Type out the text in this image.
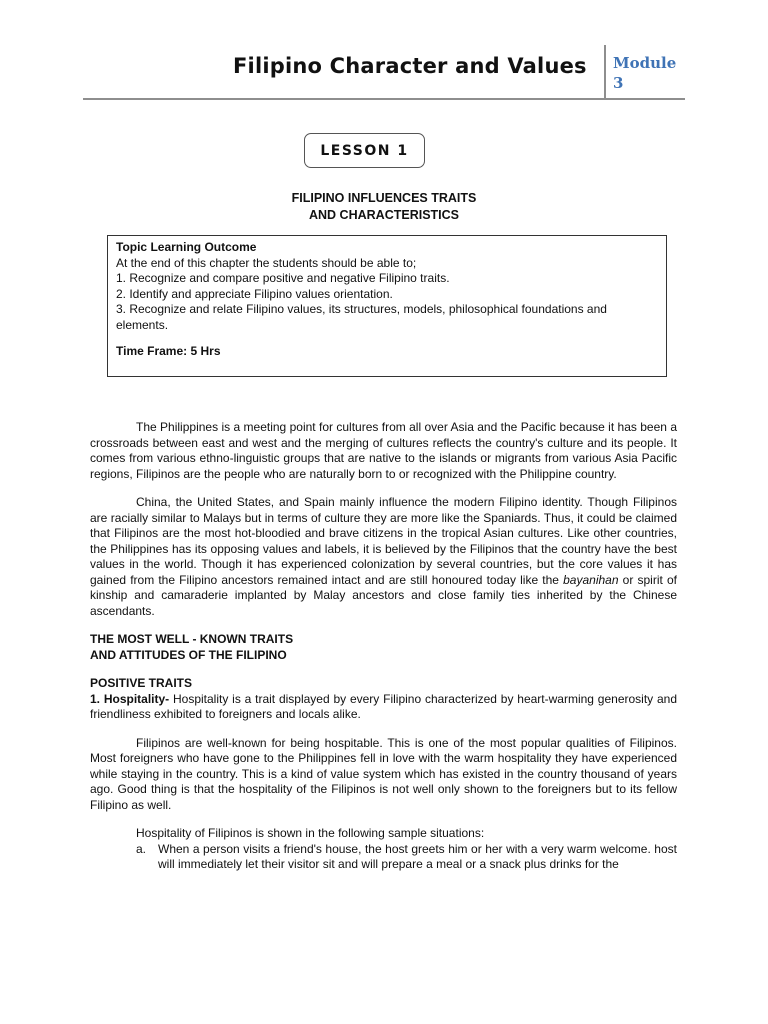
Filipino Character and Values	Module
3
LESSON 1
FILIPINO INFLUENCES TRAITS
AND CHARACTERISTICS
Topic Learning Outcome
At the end of this chapter the students should be able to;
1. Recognize and compare positive and negative Filipino traits.
2. Identify and appreciate Filipino values orientation.
3. Recognize and relate Filipino values, its structures, models, philosophical foundations and elements.
Time Frame: 5 Hrs

The Philippines is a meeting point for cultures from all over Asia and the Pacific because it has been a crossroads between east and west and the merging of cultures reflects the country's culture and its people. It comes from various ethno-linguistic groups that are native to the islands or migrants from various Asia Pacific regions, Filipinos are the people who are naturally born to or recognized with the Philippine country.

China, the United States, and Spain mainly influence the modern Filipino identity. Though Filipinos are racially similar to Malays but in terms of culture they are more like the Spaniards. Thus, it could be claimed that Filipinos are the most hot-bloodied and brave citizens in the tropical Asian cultures. Like other countries, the Philippines has its opposing values and labels, it is believed by the Filipinos that the country have the best values in the world. Though it has experienced colonization by several countries, but the core values it has gained from the Filipino ancestors remained intact and are still honoured today like the bayanihan or spirit of kinship and camaraderie implanted by Malay ancestors and close family ties inherited by the Chinese ascendants.

THE MOST WELL - KNOWN TRAITS
AND ATTITUDES OF THE FILIPINO
POSITIVE TRAITS

1. Hospitality- Hospitality is a trait displayed by every Filipino characterized by heart-warming generosity and friendliness exhibited to foreigners and locals alike.

Filipinos are well-known for being hospitable. This is one of the most popular qualities of Filipinos. Most foreigners who have gone to the Philippines fell in love with the warm hospitality they have experienced while staying in the country. This is a kind of value system which has existed in the country thousand of years ago. Good thing is that the hospitality of the Filipinos is not well only shown to the foreigners but to its fellow Filipino as well.

Hospitality of Filipinos is shown in the following sample situations:
a. When a person visits a friend's house, the host greets him or her with a very warm welcome. host will immediately let their visitor sit and will prepare a meal or a snack plus drinks for the
